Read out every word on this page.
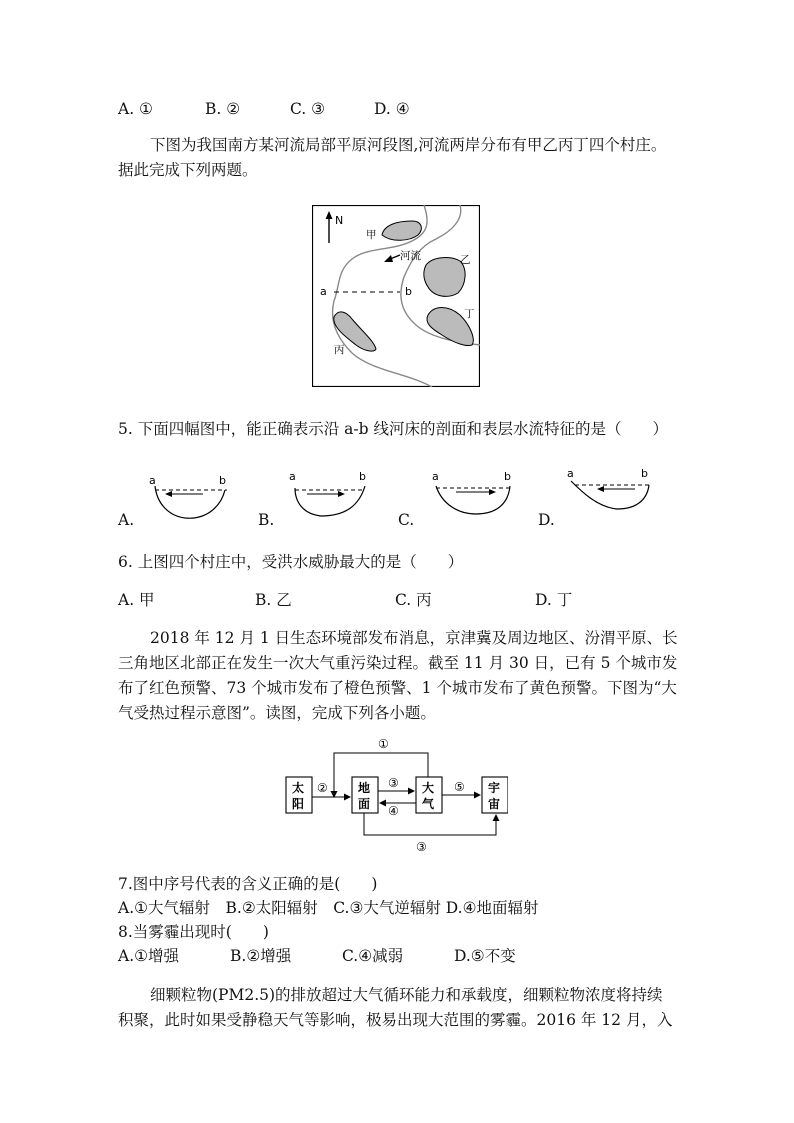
A. ①	B. ②	C. ③	D. ④
下图为我国南方某河流局部平原河段图,河流两岸分布有甲乙丙丁四个村庄。
据此完成下列两题。
N
甲
河流	乙
a	b
丁
丙
5. 下面四幅图中，能正确表示沿 a-b 线河床的剖面和表层水流特征的是（　　）
a	b	a	b	a	b	a	b
A.	B.	C.	D.
6. 上图四个村庄中，受洪水威胁最大的是（　　）
A. 甲	B. 乙	C. 丙	D. 丁
2018 年 12 月 1 日生态环境部发布消息，京津冀及周边地区、汾渭平原、长
三角地区北部正在发生一次大气重污染过程。截至 11 月 30 日，已有 5 个城市发
布了红色预警、73 个城市发布了橙色预警、1 个城市发布了黄色预警。下图为“大
气受热过程示意图”。读图，完成下列各小题。
太
阳
地
面
大
气
宇
宙
①
②	③
④
⑤
③
7.图中序号代表的含义正确的是(　　)
A.①大气辐射　B.②太阳辐射　C.③大气逆辐射 D.④地面辐射
8.当雾霾出现时(　　)
A.①增强	B.②增强	C.④减弱	D.⑤不变
细颗粒物(PM2.5)的排放超过大气循环能力和承载度，细颗粒物浓度将持续
积聚，此时如果受静稳天气等影响，极易出现大范围的雾霾。2016 年 12 月，入
